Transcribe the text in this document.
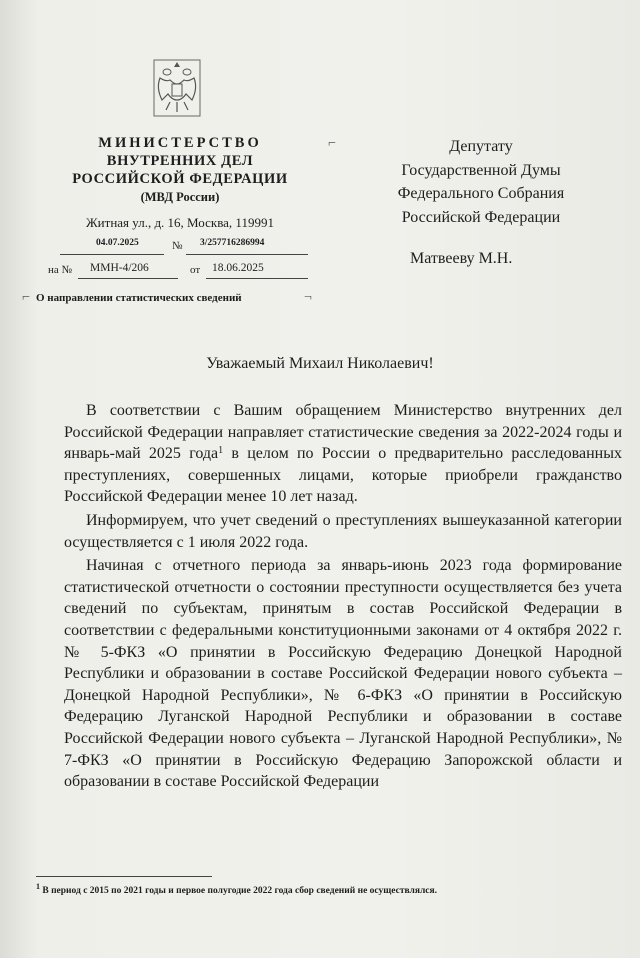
МИНИСТЕРСТВО
ВНУТРЕННИХ ДЕЛ
РОССИЙСКОЙ ФЕДЕРАЦИИ
(МВД России)
Житная ул., д. 16, Москва, 119991
04.07.2025	№ 3/257716286994
на № ММН-4/206	от 18.06.2025
⌐ О направлении статистических сведений	¬
⌐	Депутату
Государственной Думы
Федерального Собрания
Российской Федерации
Матвееву М.Н.
Уважаемый Михаил Николаевич!

В соответствии с Вашим обращением Министерство внутренних дел Российской Федерации направляет статистические сведения за 2022-2024 годы и январь-май 2025 года$^1$ в целом по России о предварительно расследованных преступлениях, совершенных лицами, которые приобрели гражданство Российской Федерации менее 10 лет назад.

Информируем, что учет сведений о преступлениях вышеуказанной категории осуществляется с 1 июля 2022 года.

Начиная с отчетного периода за январь-июнь 2023 года формирование статистической отчетности о состоянии преступности осуществляется без учета сведений по субъектам, принятым в состав Российской Федерации в соответствии с федеральными конституционными законами от 4 октября 2022 г. № 5-ФКЗ «О принятии в Российскую Федерацию Донецкой Народной Республики и образовании в составе Российской Федерации нового субъекта – Донецкой Народной Республики», № 6-ФКЗ «О принятии в Российскую Федерацию Луганской Народной Республики и образовании в составе Российской Федерации нового субъекта – Луганской Народной Республики», № 7-ФКЗ «О принятии в Российскую Федерацию Запорожской области и образовании в составе Российской Федерации

$^1$ В период с 2015 по 2021 годы и первое полугодие 2022 года сбор сведений не осуществлялся.
